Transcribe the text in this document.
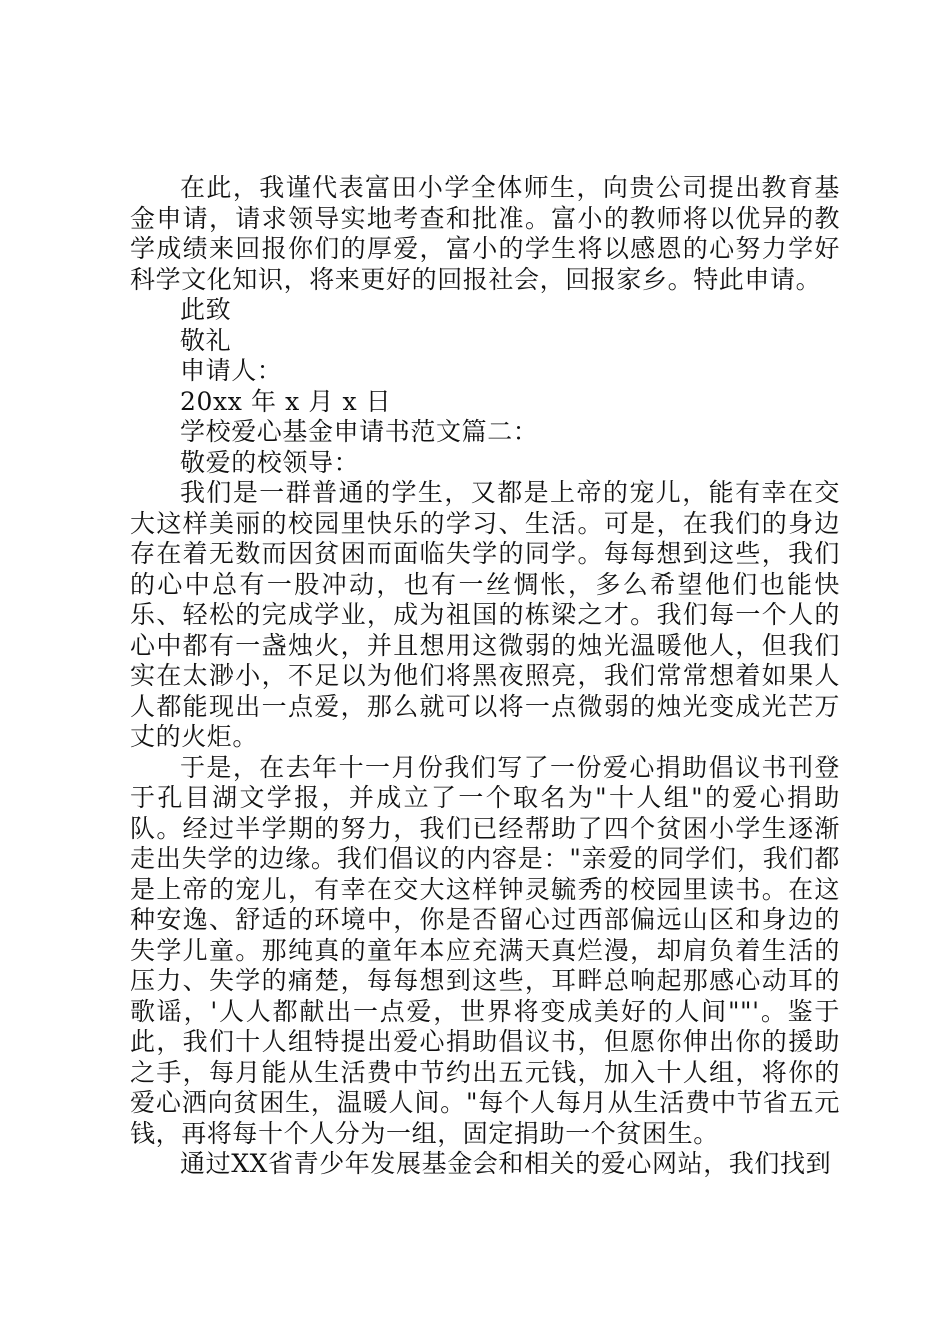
在此，我谨代表富田小学全体师生，向贵公司提出教育基金申请，请求领导实地考查和批准。富小的教师将以优异的教学成绩来回报你们的厚爱，富小的学生将以感恩的心努力学好科学文化知识，将来更好的回报社会，回报家乡。特此申请。

此致

敬礼

申请人：

20xx 年 x 月 x 日

学校爱心基金申请书范文篇二：

敬爱的校领导：

我们是一群普通的学生，又都是上帝的宠儿，能有幸在交大这样美丽的校园里快乐的学习、生活。可是，在我们的身边存在着无数而因贫困而面临失学的同学。每每想到这些，我们的心中总有一股冲动，也有一丝惆怅，多么希望他们也能快乐、轻松的完成学业，成为祖国的栋梁之才。我们每一个人的心中都有一盏烛火，并且想用这微弱的烛光温暖他人，但我们实在太渺小，不足以为他们将黑夜照亮，我们常常想着如果人人都能现出一点爱，那么就可以将一点微弱的烛光变成光芒万丈的火炬。

于是，在去年十一月份我们写了一份爱心捐助倡议书刊登于孔目湖文学报，并成立了一个取名为"十人组"的爱心捐助队。经过半学期的努力，我们已经帮助了四个贫困小学生逐渐走出失学的边缘。我们倡议的内容是："亲爱的同学们，我们都是上帝的宠儿，有幸在交大这样钟灵毓秀的校园里读书。在这种安逸、舒适的环境中，你是否留心过西部偏远山区和身边的失学儿童。那纯真的童年本应充满天真烂漫，却肩负着生活的压力、失学的痛楚，每每想到这些，耳畔总响起那感心动耳的歌谣，'人人都献出一点爱，世界将变成美好的人间""'。鉴于此，我们十人组特提出爱心捐助倡议书，但愿你伸出你的援助之手，每月能从生活费中节约出五元钱，加入十人组，将你的爱心洒向贫困生，温暖人间。"每个人每月从生活费中节省五元钱，再将每十个人分为一组，固定捐助一个贫困生。

通过XX省青少年发展基金会和相关的爱心网站，我们找到
